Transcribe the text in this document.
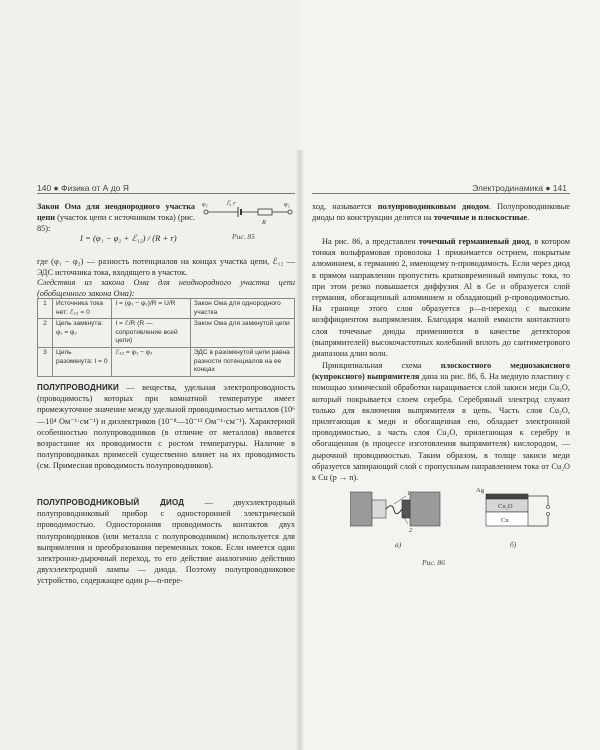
140 ● Физика от А до Я

Закон Ома для неоднородного участка цепи (участок цепи с источником тока) (рис. 85):

φ₁	φ₂
ℰ, r
R
I = (φ₁ − φ₂ + ℰ₁₂) / (R + r)	Рис. 85

где (φ₁ − φ₂) — разность потенциалов на концах участка цепи, ℰ₁₂ — ЭДС источника тока, входящего в участок.

Следствия из закона Ома для неоднородного участка цепи (обобщенного закона Ома):

1	Источника тока нет: ℰ₁₂ = 0	I = (φ₁ − φ₂)/R = U/R	Закон Ома для однородного участка
2	Цепь замкнута: φ₁ = φ₂	I = ℰ/R (R — сопротивление всей цепи)	Закон Ома для замкнутой цепи
3	Цепь разомкнута: I = 0	ℰ₁₂ = φ₁ − φ₂	ЭДС в разомкнутой цепи равна разности потенциалов на ее концах

ПОЛУПРОВОДНИКИ — вещества, удельная электропроводность (проводимость) которых при комнатной температуре имеет промежуточное значение между удельной проводимостью металлов (10⁶—10⁴ Ом⁻¹·см⁻¹) и диэлектриков (10⁻⁸—10⁻¹² Ом⁻¹·см⁻¹). Характерной особенностью полупроводников (в отличие от металлов) является возрастание их проводимости с ростом температуры. Наличие в полупроводниках примесей существенно влияет на их проводимость (см. Примесная проводимость полупроводников).

ПОЛУПРОВОДНИКОВЫЙ ДИОД — двухэлектродный полупроводниковый прибор с односторонней электрической проводимостью. Односторонняя проводимость контактов двух полупроводников (или металла с полупроводником) используется для выпрямления и преобразования переменных токов. Если имеется один электронно-дырочный переход, то его действие аналогично действию двухэлектродной лампы — диода. Поэтому полупроводниковое устройство, содержащее один p—n-пере-

Электродинамика ● 141

ход, называется полупроводниковым диодом. Полупроводниковые диоды по конструкции делятся на точечные и плоскостные.

На рис. 86, а представлен точечный германиевый диод, в котором тонкая вольфрамовая проволока 1 прижимается острием, покрытым алюминием, к германию 2, имеющему n-проводимость. Если через диод в прямом направлении пропустить кратковременный импульс тока, то при этом резко повышается диффузия Al в Ge и образуется слой германия, обогащенный алюминием и обладающий p-проводимостью. На границе этого слоя образуется p—n-переход с высоким коэффициентом выпрямления. Благодаря малой емкости контактного слоя точечные диоды применяются в качестве детекторов (выпрямителей) высокочастотных колебаний вплоть до сантиметрового диапазона длин волн.

Принципиальная схема плоскостного меднозакисного (купроксного) выпрямителя дана на рис. 86, б. На медную пластину с помощью химической обработки наращивается слой закиси меди Cu₂O, который покрывается слоем серебра. Серебряный электрод служит только для включения выпрямителя в цепь. Часть слоя Cu₂O, прилегающая к меди и обогащенная ею, обладает электронной проводимостью, а часть слоя Cu₂O, прилегающая к серебру и обогащенная (в процессе изготовления выпрямителя) кислородом, — дырочной проводимостью. Таким образом, в толще закиси меди образуется запирающий слой с пропускным направлением тока от Cu₂O к Cu (p → n).

1
2
а)
Ag
Cu₂O
Cu
б)
Рис. 86
